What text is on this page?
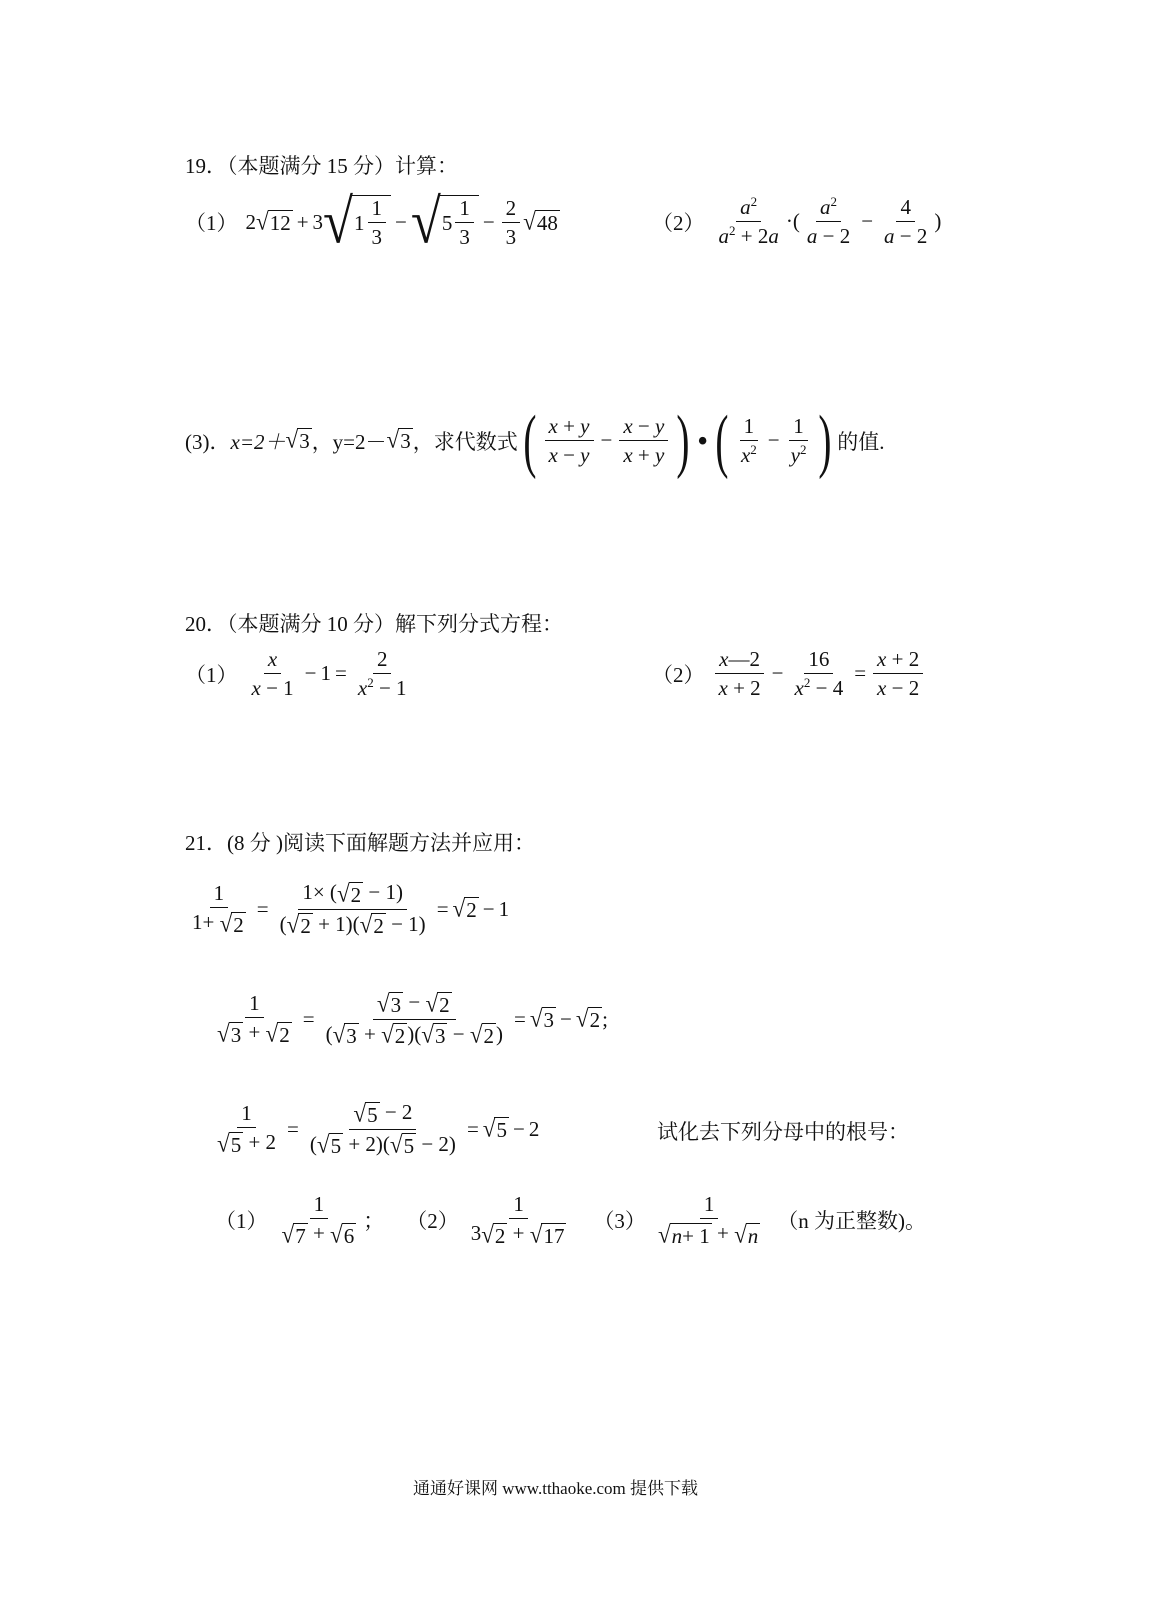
19．（本题满分 15 分）计算：
（1） 2 √ 12 + 3 √ $1 \frac{1}{3}$ − √ $5 \frac{1}{3} - \frac{2}{3}$ √ 48	$(2) \frac{a^2}{a^2 + 2a}$ ·( $\frac{a^2}{a - 2} - \frac{4}{a - 2}$ )
(3)． x=2＋ √ 3 ，y=2－ √ 3 ，求代数式 ( $\frac{x + y}{x - y} - \frac{x - y}{x + y}$ ) • ( $\frac{1}{x^2} - \frac{1}{y^2}$ ) 的值.
20．（本题满分 10 分）解下列分式方程：
$(1) \frac{x}{x - 1} - 1 = \frac{2}{x^2 - 1}$	$(2) \frac{x—2}{x + 2} - \frac{16}{x^2 - 4} = \frac{x + 2}{x - 2}$
21．(8 分 )阅读下面解题方法并应用：
$\frac{1}{1+ √ 2} = \frac{1\times ( √ 2 - 1)}{( √ 2 + 1)( √ 2 - 1)}$ = √ 2 − 1
$\frac{1}{√ 3 + √ 2} = \frac{√ 3 - √ 2}{( √ 3 + √ 2 )( √ 3 - √ 2 )}$ = √ 3 − √ 2 ;
$\frac{1}{√ 5 + 2} = \frac{√ 5 - 2}{( √ 5 + 2)( √ 5 - 2)}$ = √ 5 − 2	试化去下列分母中的根号：
$(1) \frac{1}{√ 7 + √ 6}$ ； $(2) \frac{1}{3 √ 2 + √ 17} (3) \frac{1}{√ n + 1 + √ n} (n$ 为正整数)。
通通好课网 www.tthaoke.com 提供下载
